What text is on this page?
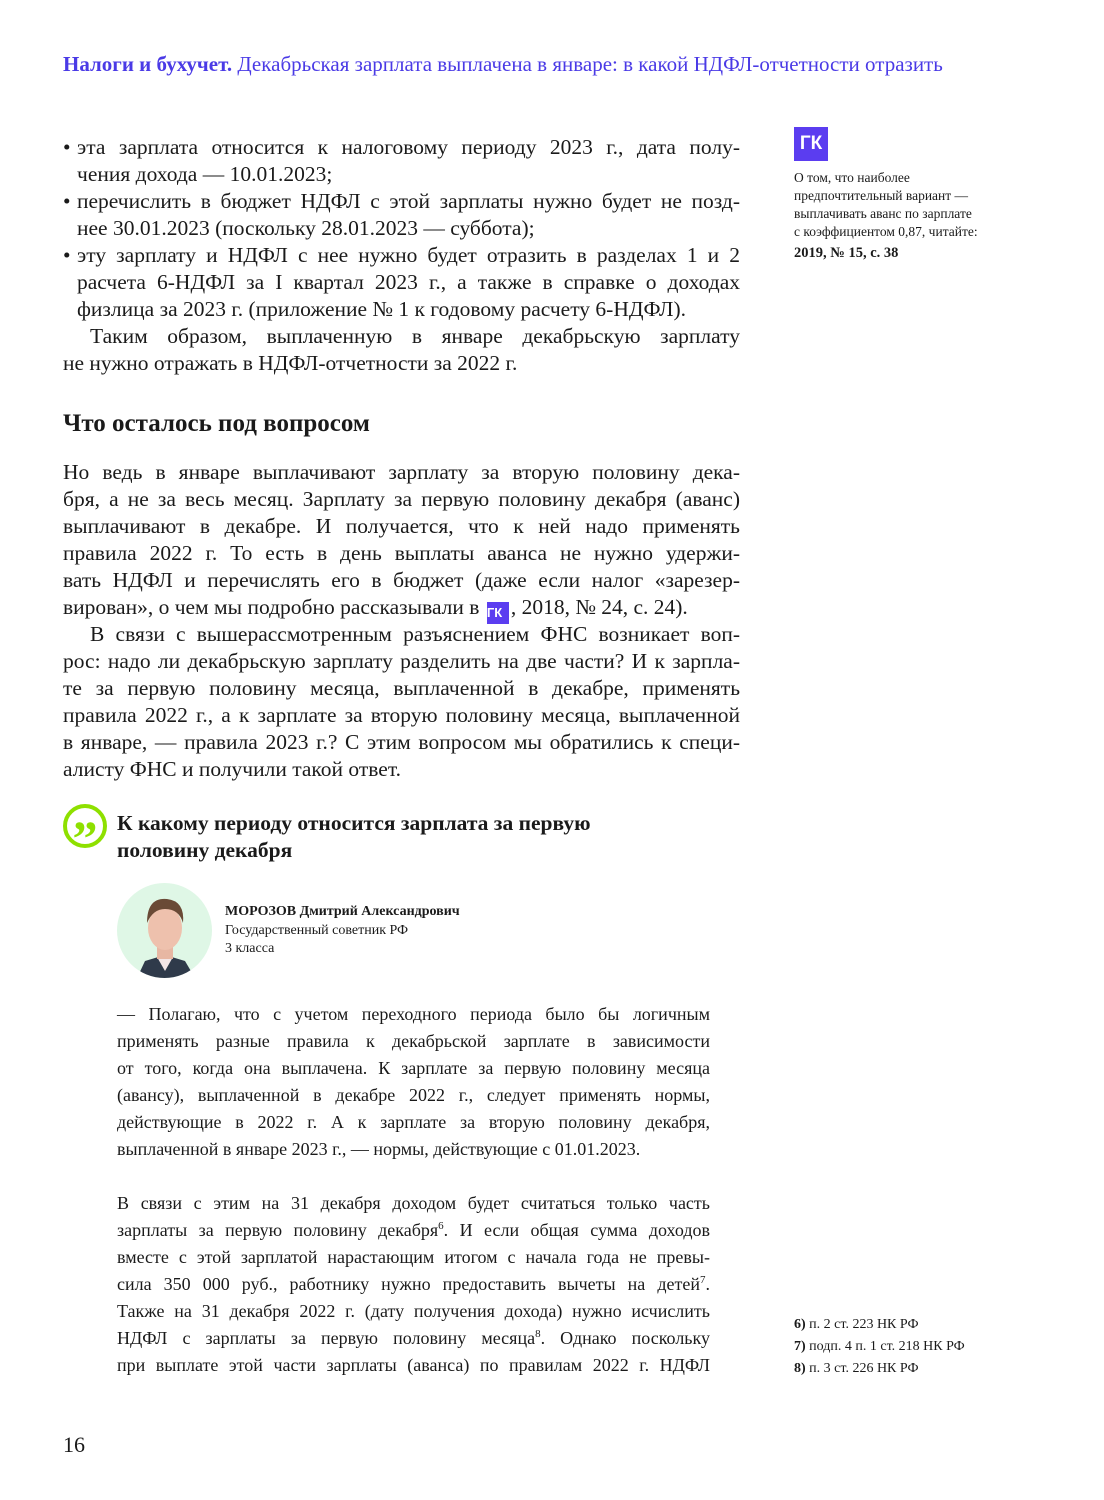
Налоги и бухучет. Декабрьская зарплата выплачена в январе: в какой НДФЛ-отчетности отразить
• эта зарплата относится к налоговому периоду 2023 г., дата полу-
чения дохода — 10.01.2023;
• перечислить в бюджет НДФЛ с этой зарплаты нужно будет не позд-
нее 30.01.2023 (поскольку 28.01.2023 — суббота);
• эту зарплату и НДФЛ с нее нужно будет отразить в разделах 1 и 2
расчета 6-НДФЛ за I квартал 2023 г., а также в справке о доходах
физлица за 2023 г. (приложение № 1 к годовому расчету 6-НДФЛ).
Таким образом, выплаченную в январе декабрьскую зарплату
не нужно отражать в НДФЛ-отчетности за 2022 г.
Что осталось под вопросом
Но ведь в январе выплачивают зарплату за вторую половину дека-
бря, а не за весь месяц. Зарплату за первую половину декабря (аванс)
выплачивают в декабре. И получается, что к ней надо применять
правила 2022 г. То есть в день выплаты аванса не нужно удержи-
вать НДФЛ и перечислять его в бюджет (даже если налог «зарезер-
вирован», о чем мы подробно рассказывали в ГК , 2018, № 24, с. 24).
В связи с вышерассмотренным разъяснением ФНС возникает воп-
рос: надо ли декабрьскую зарплату разделить на две части? И к зарпла-
те за первую половину месяца, выплаченной в декабре, применять
правила 2022 г., а к зарплате за вторую половину месяца, выплаченной
в январе, — правила 2023 г.? С этим вопросом мы обратились к специ-
алисту ФНС и получили такой ответ.
” К какому периоду относится зарплата за первую
половину декабря
МОРОЗОВ Дмитрий Александрович
Государственный советник РФ
3 класса
— Полагаю, что с учетом переходного периода было бы логичным
применять разные правила к декабрьской зарплате в зависимости
от того, когда она выплачена. К зарплате за первую половину месяца
(авансу), выплаченной в декабре 2022 г., следует применять нормы,
действующие в 2022 г. А к зарплате за вторую половину декабря,
выплаченной в январе 2023 г., — нормы, действующие с 01.01.2023.
В связи с этим на 31 декабря доходом будет считаться только часть
зарплаты за первую половину декабря$^6$. И если общая сумма доходов
вместе с этой зарплатой нарастающим итогом с начала года не превы-
сила 350 000 руб., работнику нужно предоставить вычеты на детей$^7$.
Также на 31 декабря 2022 г. (дату получения дохода) нужно исчислить
НДФЛ с зарплаты за первую половину месяца$^8$. Однако поскольку
при выплате этой части зарплаты (аванса) по правилам 2022 г. НДФЛ
ГК
О том, что наиболее
предпочтительный вариант —
выплачивать аванс по зарплате
с коэффициентом 0,87, читайте:
2019, № 15, с. 38
6) п. 2 ст. 223 НК РФ
7) подп. 4 п. 1 ст. 218 НК РФ
8) п. 3 ст. 226 НК РФ
16
